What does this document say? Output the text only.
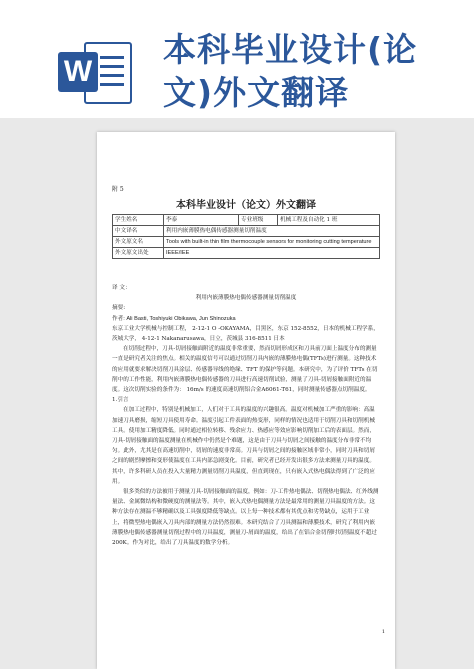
W
本科毕业设计(论
文)外文翻译
附 5
本科毕业设计（论文）外文翻译
学生姓名	李泰	专业班级	机械工程及自动化 1 班
中文译名	利用内嵌薄膜热电偶传感器测量切削温度		
外文原文名	Tools with built-in thin film thermocouple sensors for monitoring cutting temperature		
外文原文出处	IEEE/IEE		

译 文：

利用内嵌薄膜热电偶传感器测量切削温度

摘要:

作者: Ali Basti, Toshiyuki Obikawa, Jun Shinozuka

东京工业大学机械与控制工程， 2-12-1 O -OKAYAMA，目黑区，东京 152-8552，日本的机械工程学系，茨城大学， 4-12-1 Nakanarusawa，日立，茨城县 316-8511 日本

在切削过程中，刀具-切屑接触面附近的温度非常重要，然而切屑形成区和刀具前刀面上温度分布的测量一直是研究者关注的焦点。相关的温度信号可以通过切削刀具内嵌的薄膜热电偶(TFTs)进行测量。这种技术的应用就要求解决切削刀具涂层、传感器导线的绝缘、TFT 的保护等问题。本研究中，为了评价 TFTs 在切削中的工作性能，利用内嵌薄膜热电偶传感器的刀具进行高速切削试验，测量了刀具-切屑接触面附近的温度。这次切削实验的条件为： 16m/s 的速度高速切削铝合金A6061-T61，同时测量传感器点切削温度。

1.引言

在加工过程中，特别是机械加工，人们对于工具的温度的兴趣很高。温度对机械加工严重的影响：高温加速刀具磨损，缩短刀具使用寿命。温度引起工件表面的热变形，同样的情况也适用于切削刀具和切削机械工具。使用加工精度降低。同时通过相位转移、残余应力、热感应等效应影响切削加工后的表面层。然而，刀具-切屑接触面的温度测量在机械作中仍然是个难题，这是由于刀具与切屑之间接触的温度分布非常不均匀。此外，尤其是在高速切削中，切屑的速度非常高。刀具与切屑之间的接触区域非常小，同时刀具和切屑之间的剧烈摩擦和变形使温度在工具内部急剧变化。目前，研究者已经开发出很多方法来测量刀具的温度。其中，许多科研人员在投入大量精力测量切削刀具温度，但直到现在，只有嵌入式热电偶法得到了广泛的应用。

很多类似的方法被用于测量刀具-切屑接触面的温度，例如：刀-工件热电偶法、切削热电偶法、红外线测量法、金属微结构和微硬度的测量法等。其中，嵌入式热电偶测量方法是最常用的测量刀具温度的方法。这种方法存在测温不够精确以及工具强度降低等缺点。以上每一种技术都有其优点和劣势缺点，运用于工业上，将微型热电偶嵌入刀具内部的测量方法仍然很难。本研究结合了刀具测温和薄膜技术，研究了利用内嵌薄膜热电偶传感器测量切削过程中的刀具温度，测量刀-屑面的温度，给出了在铝合金切削时切削温度不超过 200K。作为对比，给出了刀具温度的数学分析。

1
